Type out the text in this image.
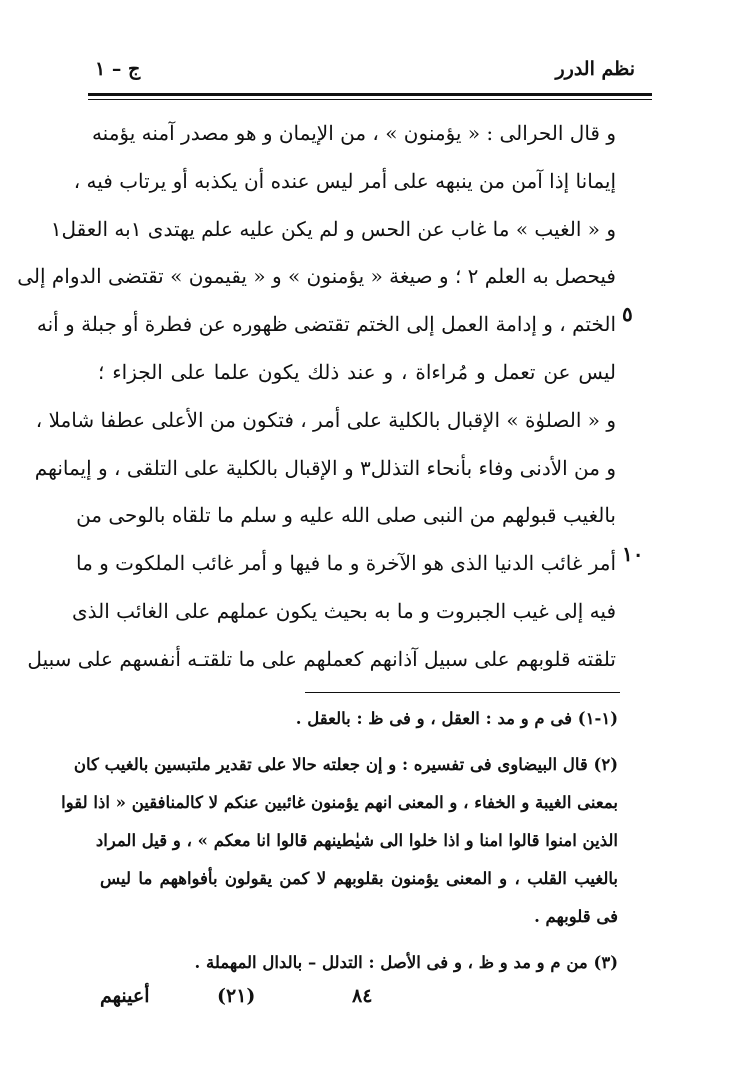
نظم الدرر
ج – ١
و قال الحرالى : « يؤمنون » ، من الإيمان و هو مصدر آمنه يؤمنه
إيمانا إذا آمن من ينبهه على أمر ليس عنده أن يكذبه أو يرتاب فيه ،
و « الغيب » ما غاب عن الحس و لم يكن عليه علم يهتدى ١به العقل١
فيحصل به العلم ٢ ؛ و صيغة « يؤمنون » و « يقيمون » تقتضى الدوام إلى
الختم ، و إدامة العمل إلى الختم تقتضى ظهوره عن فطرة أو جبلة و أنه
ليس عن تعمل و مُراءاة ، و عند ذلك يكون علما على الجزاء ؛
و « الصلوٰة » الإقبال بالكلية على أمر ، فتكون من الأعلى عطفا شاملا ،
و من الأدنى وفاء بأنحاء التذلل٣ و الإقبال بالكلية على التلقى ، و إيمانهم
بالغيب قبولهم من النبى صلى الله عليه و سلم ما تلقاه بالوحى من
أمر غائب الدنيا الذى هو الآخرة و ما فيها و أمر غائب الملكوت و ما
فيه إلى غيب الجبروت و ما به بحيث يكون عملهم على الغائب الذى
تلقته قلوبهم على سبيل آذانهم كعملهم على ما تلقتـه أنفسهم على سبيل
٥
١٠
(١-١) فى م و مد : العقل ، و فى ظ : بالعقل .
(٢) قال البيضاوى فى تفسيره : و إن جعلته حالا على تقدير ملتبسين بالغيب كان
بمعنى الغيبة و الخفاء ، و المعنى انهم يؤمنون غائبين عنكم لا كالمنافقين « اذا لقوا
الذين امنوا قالوا امنا و اذا خلوا الى شيٰطينهم قالوا انا معكم » ، و قيل المراد
بالغيب القلب ، و المعنى يؤمنون بقلوبهم لا كمن يقولون بأفواههم ما ليس
فى قلوبهم .
(٣) من م و مد و ظ ، و فى الأصل : التدلل – بالدال المهملة .
أعينهم	(٢١)	٨٤
